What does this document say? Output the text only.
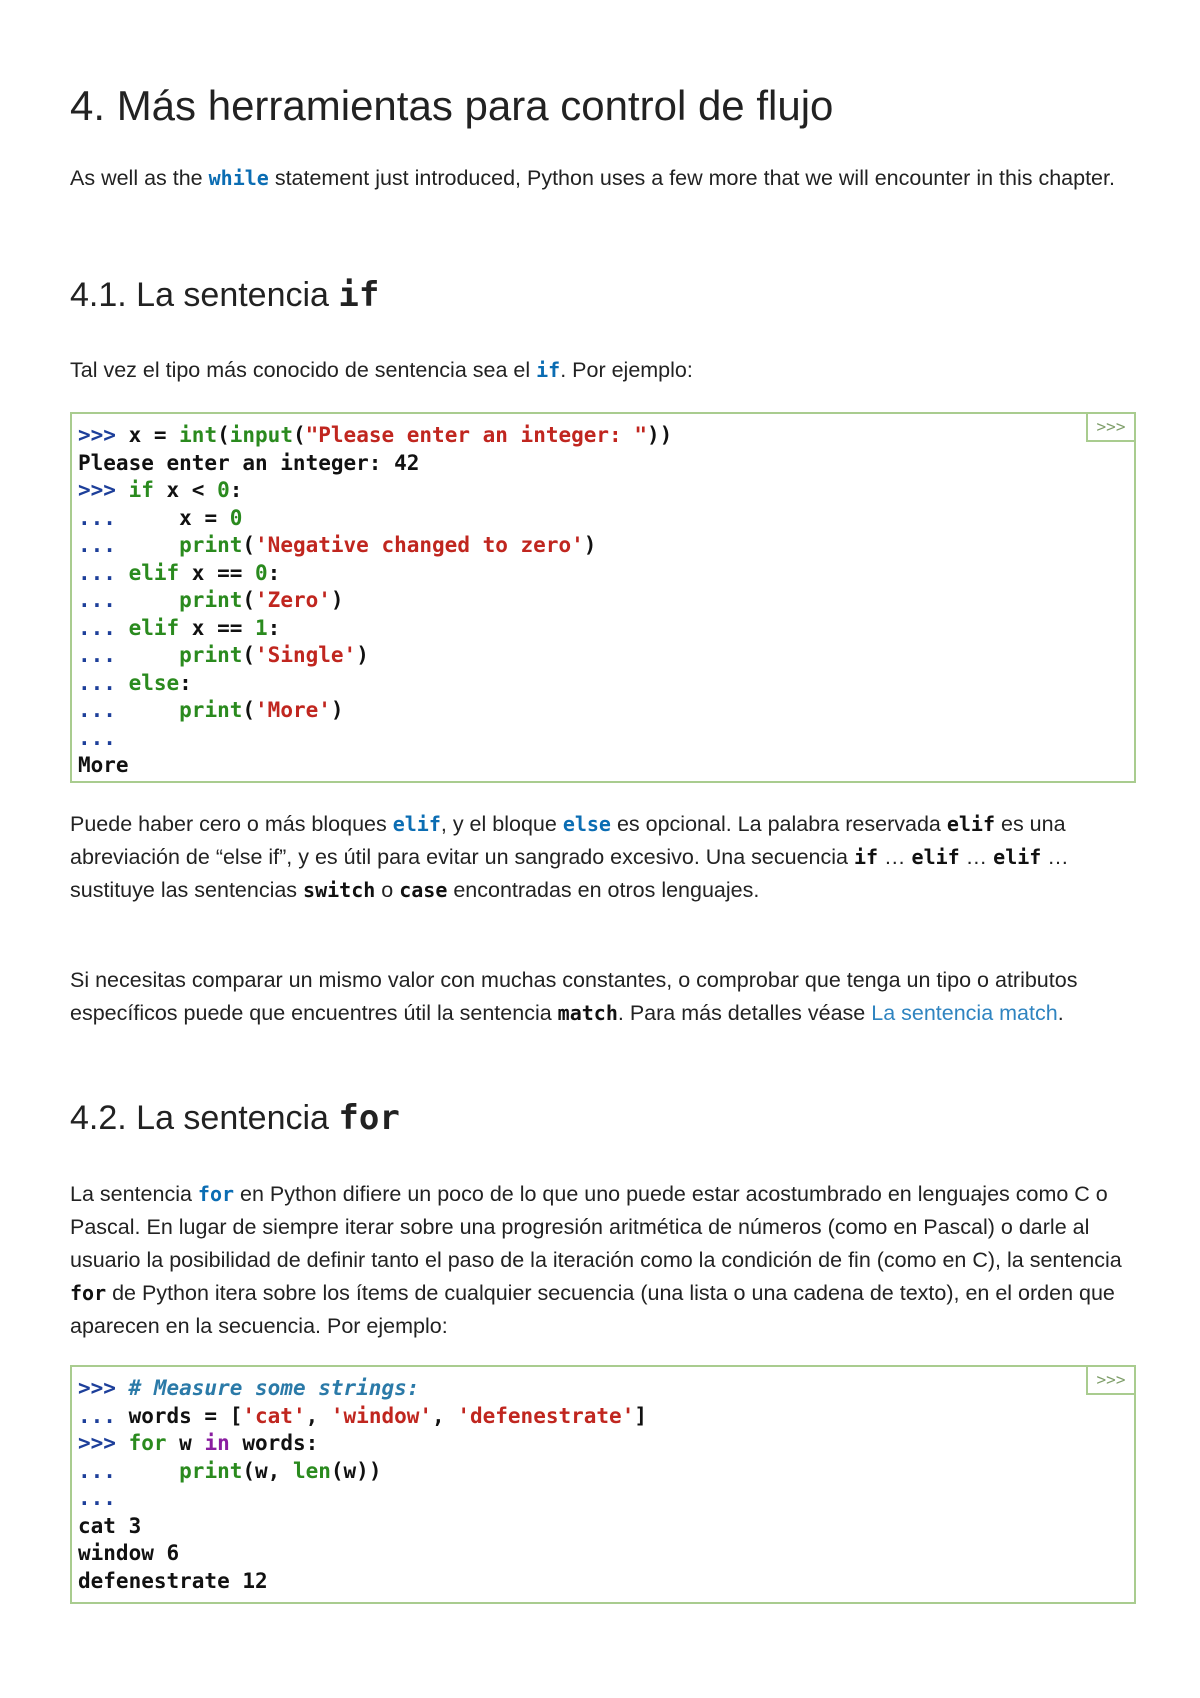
4. Más herramientas para control de flujo

As well as the while statement just introduced, Python uses a few more that we will encounter in this chapter.

4.1. La sentencia if

Tal vez el tipo más conocido de sentencia sea el if. Por ejemplo:

>>>
>>> x = int(input("Please enter an integer: "))
Please enter an integer: 42
>>> if x < 0:
...     x = 0
...     print('Negative changed to zero')
... elif x == 0:
...     print('Zero')
... elif x == 1:
...     print('Single')
... else:
...     print('More')
...
More

Puede haber cero o más bloques elif, y el bloque else es opcional. La palabra reservada elif es una abreviación de “else if”, y es útil para evitar un sangrado excesivo. Una secuencia if … elif … elif … sustituye las sentencias switch o case encontradas en otros lenguajes.

Si necesitas comparar un mismo valor con muchas constantes, o comprobar que tenga un tipo o atributos específicos puede que encuentres útil la sentencia match. Para más detalles véase La sentencia match.

4.2. La sentencia for

La sentencia for en Python difiere un poco de lo que uno puede estar acostumbrado en lenguajes como C o Pascal. En lugar de siempre iterar sobre una progresión aritmética de números (como en Pascal) o darle al usuario la posibilidad de definir tanto el paso de la iteración como la condición de fin (como en C), la sentencia for de Python itera sobre los ítems de cualquier secuencia (una lista o una cadena de texto), en el orden que aparecen en la secuencia. Por ejemplo:

>>>
>>> # Measure some strings:
... words = ['cat', 'window', 'defenestrate']
>>> for w in words:
...     print(w, len(w))
...
cat 3
window 6
defenestrate 12
